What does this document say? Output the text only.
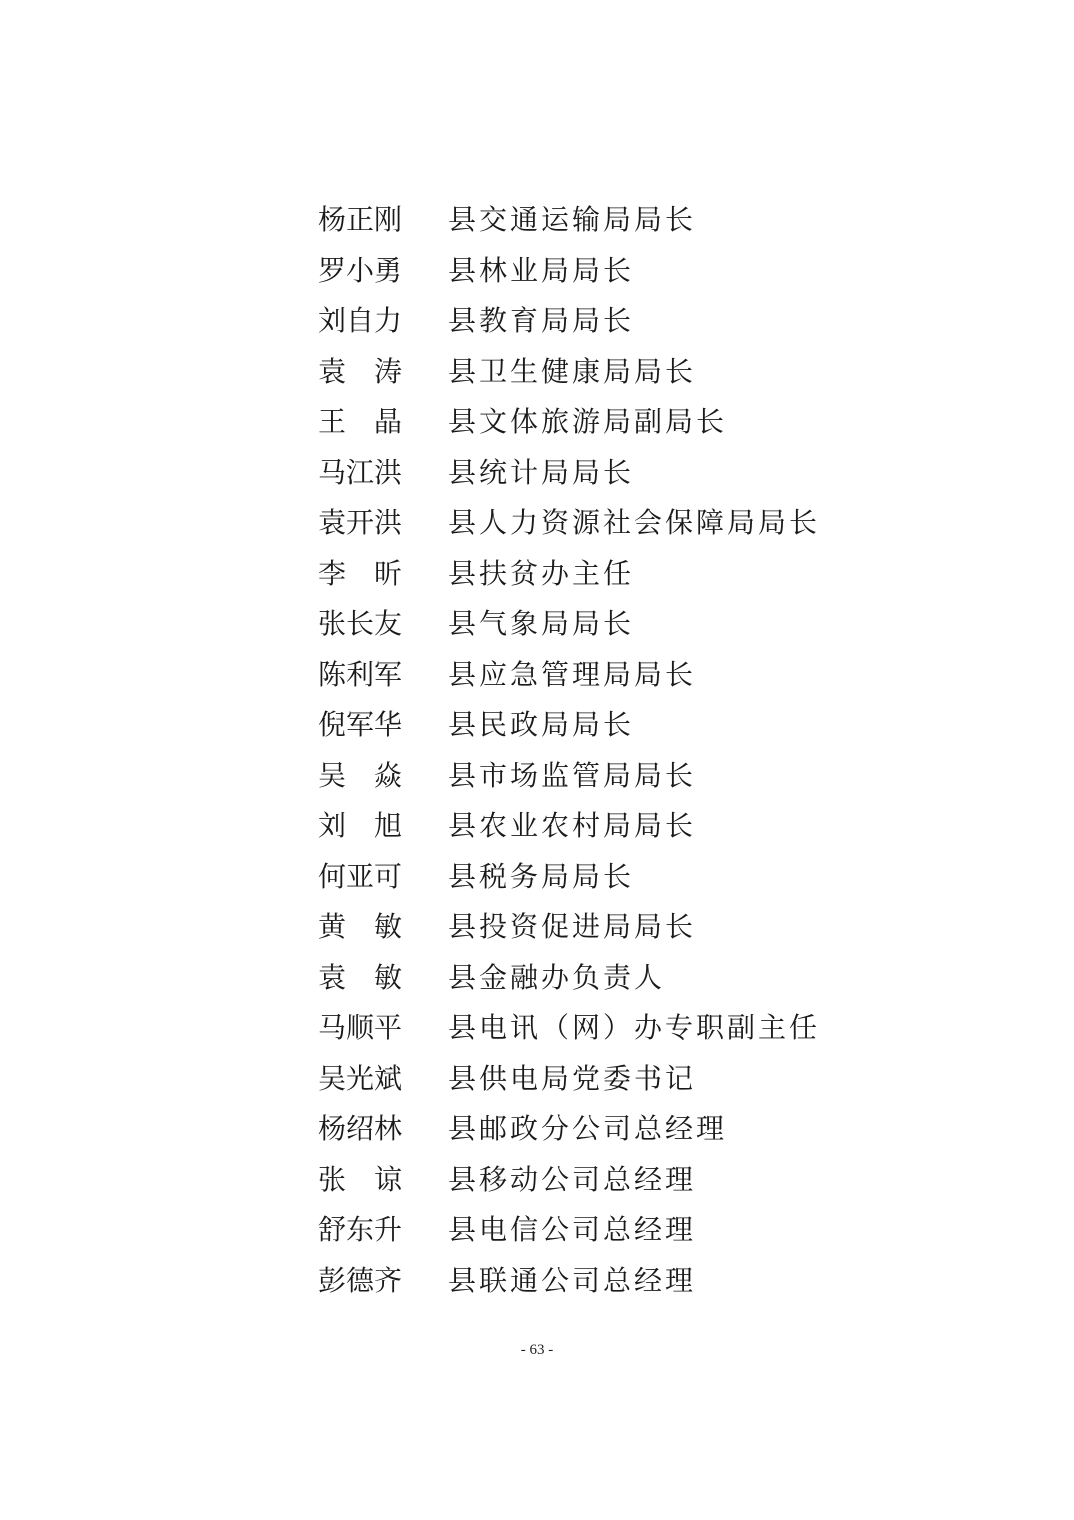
杨 正 刚 县交通运输局局长
罗 小 勇 县林业局局长
刘 自 力 县教育局局长
袁 涛 县卫生健康局局长
王 晶 县文体旅游局副局长
马 江 洪 县统计局局长
袁 开 洪 县人力资源社会保障局局长
李 昕 县扶贫办主任
张 长 友 县气象局局长
陈 利 军 县应急管理局局长
倪 军 华 县民政局局长
吴 焱 县市场监管局局长
刘 旭 县农业农村局局长
何 亚 可 县税务局局长
黄 敏 县投资促进局局长
袁 敏 县金融办负责人
马 顺 平 县电讯（网）办专职副主任
吴 光 斌 县供电局党委书记
杨 绍 林 县邮政分公司总经理
张 谅 县移动公司总经理
舒 东 升 县电信公司总经理
彭 德 齐 县联通公司总经理
- 63 -
